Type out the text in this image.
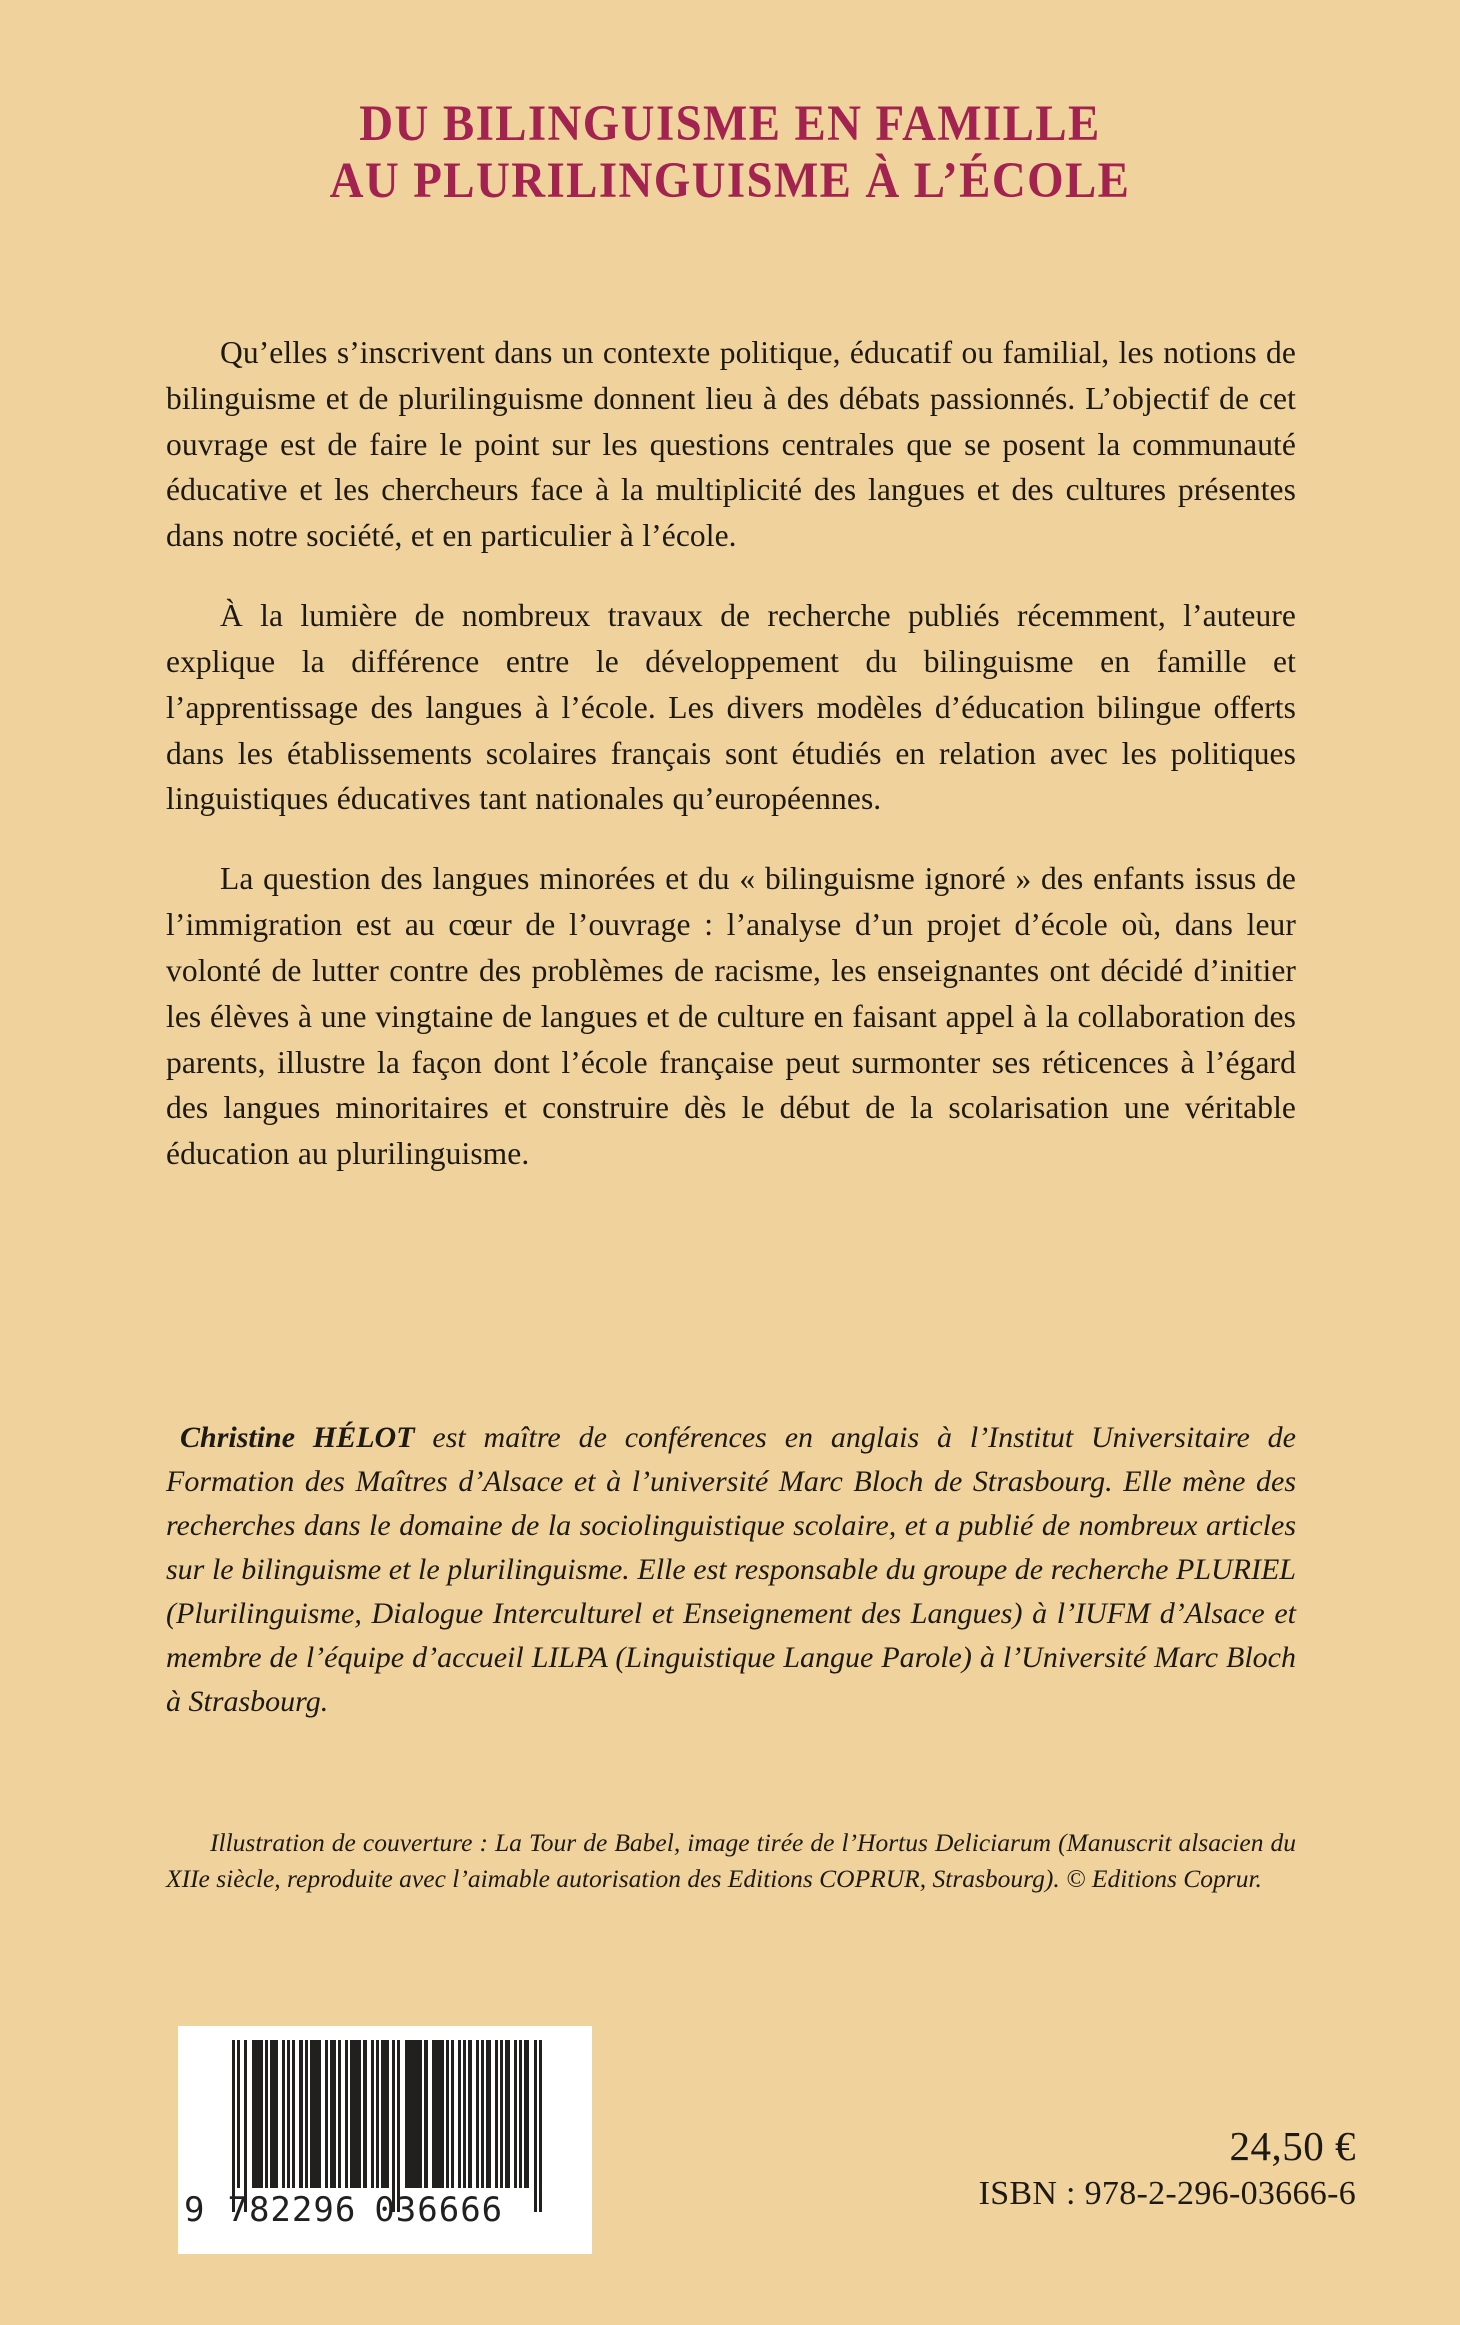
DU BILINGUISME EN FAMILLE
AU PLURILINGUISME À L’ÉCOLE

Qu’elles s’inscrivent dans un contexte politique, éducatif ou familial, les notions de bilinguisme et de plurilinguisme donnent lieu à des débats passionnés. L’objectif de cet ouvrage est de faire le point sur les questions centrales que se posent la communauté éducative et les chercheurs face à la multiplicité des langues et des cultures présentes dans notre société, et en particulier à l’école.

À la lumière de nombreux travaux de recherche publiés récemment, l’auteure explique la différence entre le développement du bilinguisme en famille et l’apprentissage des langues à l’école. Les divers modèles d’éducation bilingue offerts dans les établissements scolaires français sont étudiés en relation avec les politiques linguistiques éducatives tant nationales qu’européennes.

La question des langues minorées et du « bilinguisme ignoré » des enfants issus de l’immigration est au cœur de l’ouvrage : l’analyse d’un projet d’école où, dans leur volonté de lutter contre des problèmes de racisme, les enseignantes ont décidé d’initier les élèves à une vingtaine de langues et de culture en faisant appel à la collaboration des parents, illustre la façon dont l’école française peut surmonter ses réticences à l’égard des langues minoritaires et construire dès le début de la scolarisation une véritable éducation au plurilinguisme.

Christine HÉLOT est maître de conférences en anglais à l’Institut Universitaire de Formation des Maîtres d’Alsace et à l’université Marc Bloch de Strasbourg. Elle mène des recherches dans le domaine de la sociolinguistique scolaire, et a publié de nombreux articles sur le bilinguisme et le plurilinguisme. Elle est responsable du groupe de recherche PLURIEL (Plurilinguisme, Dialogue Interculturel et Enseignement des Langues) à l’IUFM d’Alsace et membre de l’équipe d’accueil LILPA (Linguistique Langue Parole) à l’Université Marc Bloch à Strasbourg.

Illustration de couverture : La Tour de Babel, image tirée de l’Hortus Deliciarum (Manuscrit alsacien du XIIe siècle, reproduite avec l’aimable autorisation des Editions COPRUR, Strasbourg). © Editions Coprur.

9 782296 036666
24,50 €
ISBN : 978-2-296-03666-6
